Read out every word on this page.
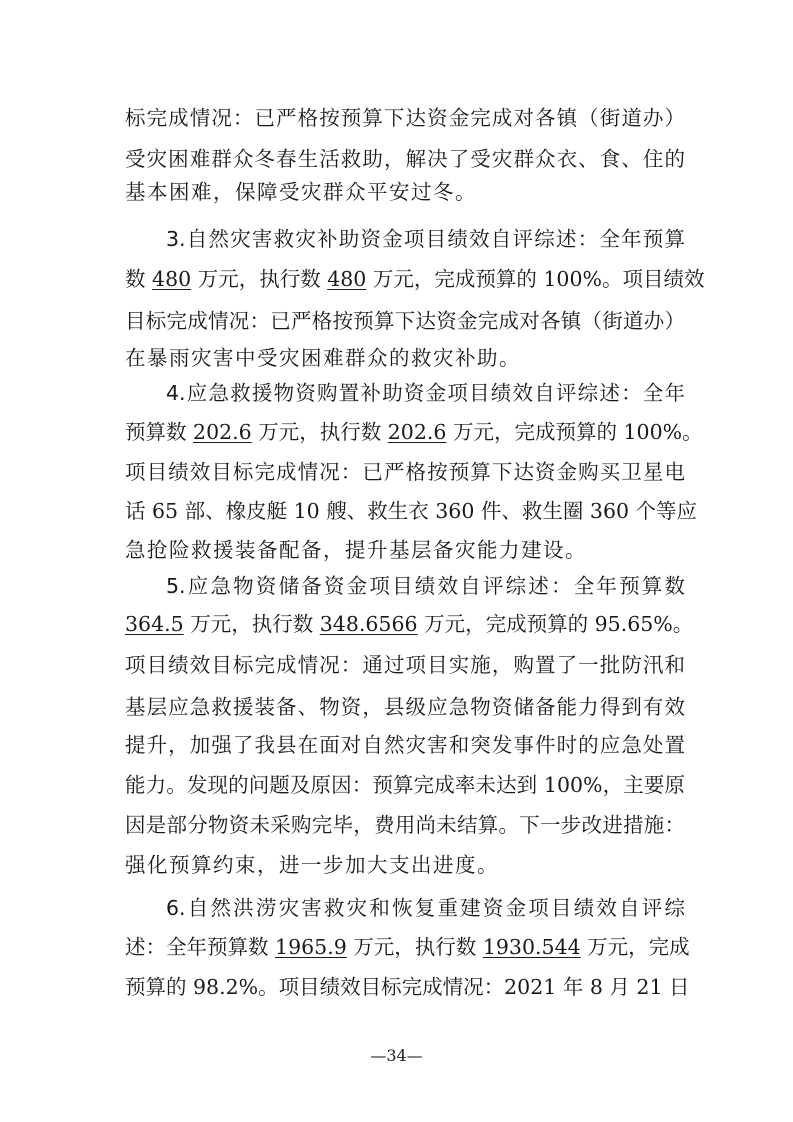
标完成情况：已严格按预算下达资金完成对各镇（街道办）
受灾困难群众冬春生活救助，解决了受灾群众衣、食、住的
基本困难，保障受灾群众平安过冬。
3.自然灾害救灾补助资金项目绩效自评综述：全年预算
数 480 万元，执行数 480 万元，完成预算的 100%。项目绩效
目标完成情况：已严格按预算下达资金完成对各镇（街道办）
在暴雨灾害中受灾困难群众的救灾补助。
4.应急救援物资购置补助资金项目绩效自评综述：全年
预算数 202.6 万元，执行数 202.6 万元，完成预算的 100%。
项目绩效目标完成情况：已严格按预算下达资金购买卫星电
话 65 部、橡皮艇 10 艘、救生衣 360 件、救生圈 360 个等应
急抢险救援装备配备，提升基层备灾能力建设。
5.应急物资储备资金项目绩效自评综述：全年预算数
364.5 万元，执行数 348.6566 万元，完成预算的 95.65%。
项目绩效目标完成情况：通过项目实施，购置了一批防汛和
基层应急救援装备、物资，县级应急物资储备能力得到有效
提升，加强了我县在面对自然灾害和突发事件时的应急处置
能力。发现的问题及原因：预算完成率未达到 100%，主要原
因是部分物资未采购完毕，费用尚未结算。下一步改进措施：
强化预算约束，进一步加大支出进度。
6.自然洪涝灾害救灾和恢复重建资金项目绩效自评综
述：全年预算数 1965.9 万元，执行数 1930.544 万元，完成
预算的 98.2%。项目绩效目标完成情况：2021 年 8 月 21 日
—34—
